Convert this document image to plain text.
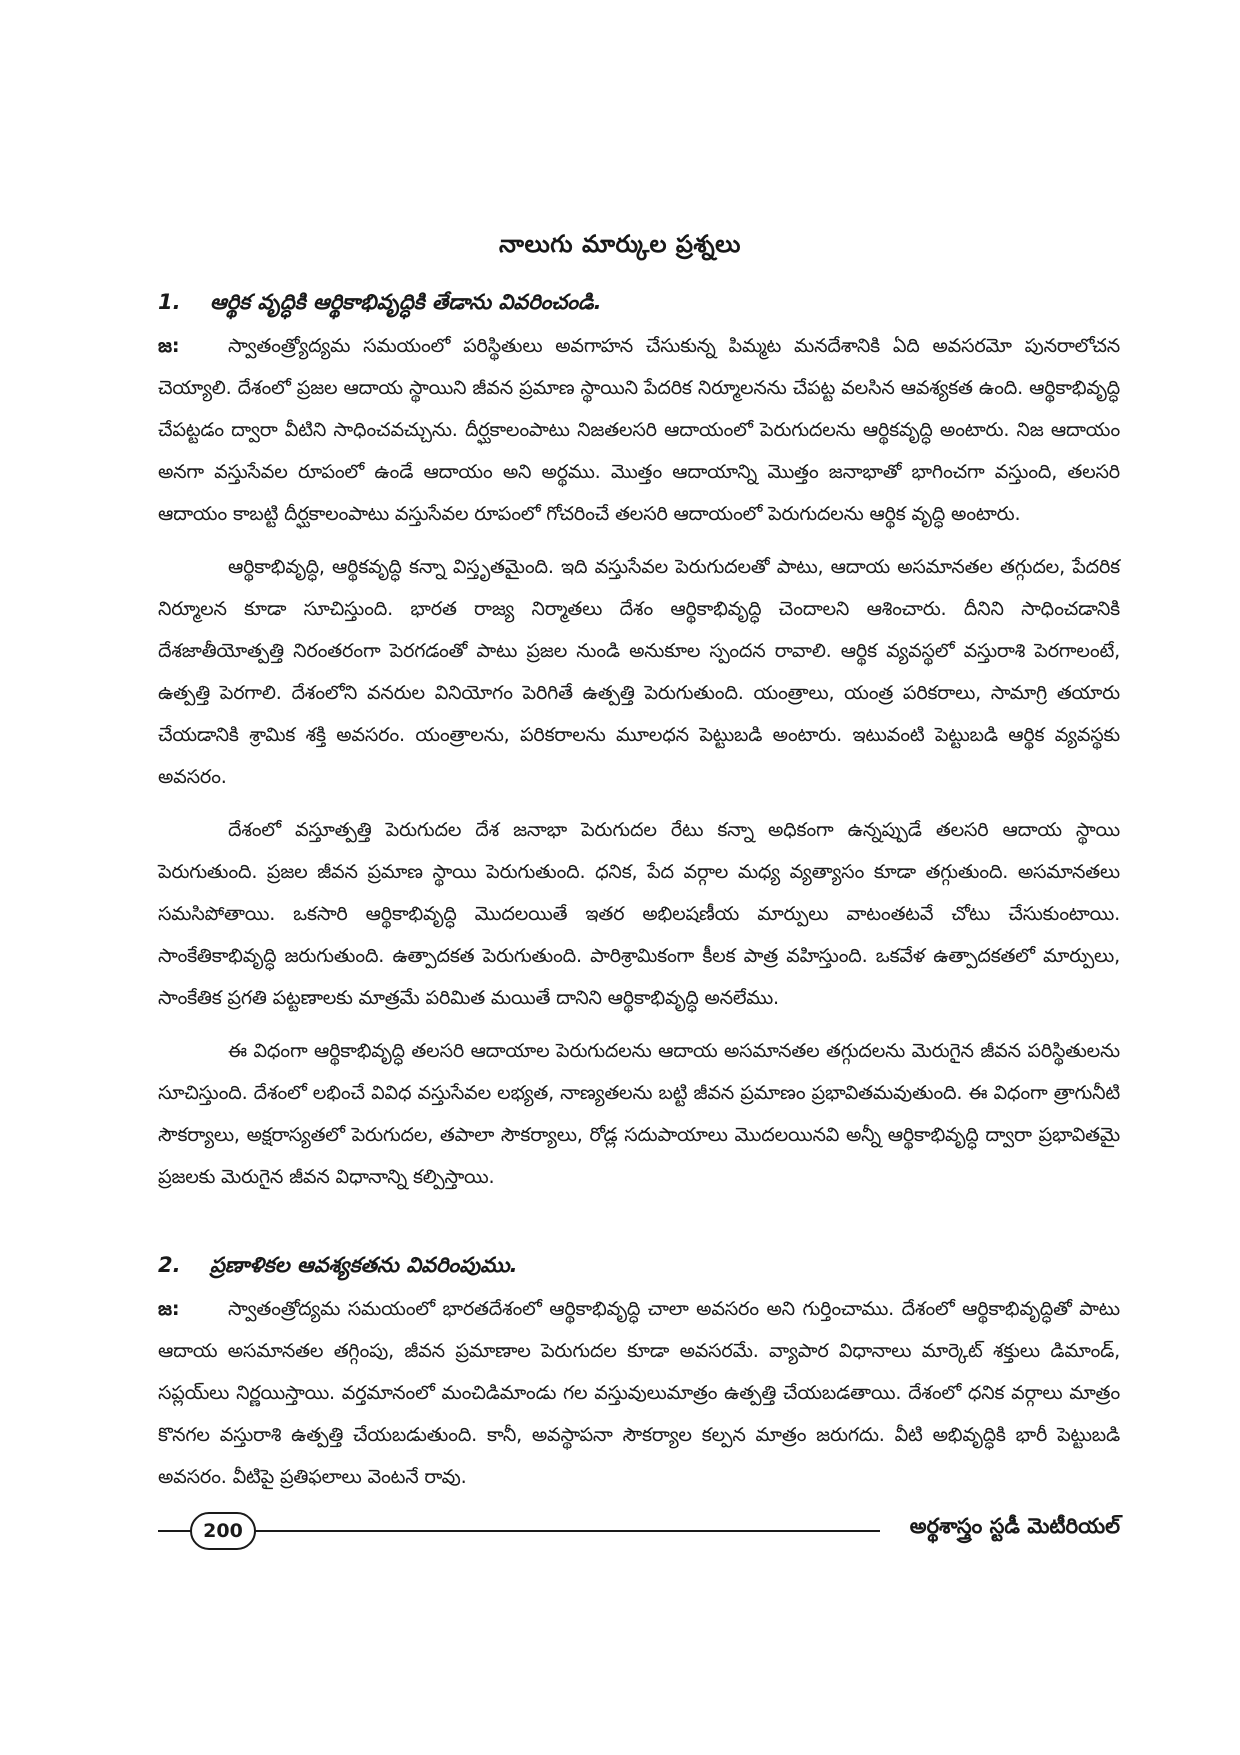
నాలుగు మార్కుల ప్రశ్నలు
1. ఆర్థిక వృద్ధికి ఆర్థికాభివృద్ధికి తేడాను వివరించండి.

జ:	స్వాతంత్ర్యోద్యమ సమయంలో పరిస్థితులు అవగాహన చేసుకున్న పిమ్మట మనదేశానికి ఏది అవసరమో పునరాలోచన చెయ్యాలి. దేశంలో ప్రజల ఆదాయ స్థాయిని జీవన ప్రమాణ స్థాయిని పేదరిక నిర్మూలనను చేపట్ట వలసిన ఆవశ్యకత ఉంది. ఆర్థికాభివృద్ధి చేపట్టడం ద్వారా వీటిని సాధించవచ్చును. దీర్ఘకాలంపాటు నిజతలసరి ఆదాయంలో పెరుగుదలను ఆర్థికవృద్ధి అంటారు. నిజ ఆదాయం అనగా వస్తుసేవల రూపంలో ఉండే ఆదాయం అని అర్థము. మొత్తం ఆదాయాన్ని మొత్తం జనాభాతో భాగించగా వస్తుంది, తలసరి ఆదాయం కాబట్టి దీర్ఘకాలంపాటు వస్తుసేవల రూపంలో గోచరించే తలసరి ఆదాయంలో పెరుగుదలను ఆర్థిక వృద్ధి అంటారు.

ఆర్థికాభివృద్ధి, ఆర్థికవృద్ధి కన్నా విస్తృతమైంది. ఇది వస్తుసేవల పెరుగుదలతో పాటు, ఆదాయ అసమానతల తగ్గుదల, పేదరిక నిర్మూలన కూడా సూచిస్తుంది. భారత రాజ్య నిర్మాతలు దేశం ఆర్థికాభివృద్ధి చెందాలని ఆశించారు. దీనిని సాధించడానికి దేశజాతీయోత్పత్తి నిరంతరంగా పెరగడంతో పాటు ప్రజల నుండి అనుకూల స్పందన రావాలి. ఆర్థిక వ్యవస్థలో వస్తురాశి పెరగాలంటే, ఉత్పత్తి పెరగాలి. దేశంలోని వనరుల వినియోగం పెరిగితే ఉత్పత్తి పెరుగుతుంది. యంత్రాలు, యంత్ర పరికరాలు, సామాగ్రి తయారు చేయడానికి శ్రామిక శక్తి అవసరం. యంత్రాలను, పరికరాలను మూలధన పెట్టుబడి అంటారు. ఇటువంటి పెట్టుబడి ఆర్థిక వ్యవస్థకు అవసరం.

దేశంలో వస్తూత్పత్తి పెరుగుదల దేశ జనాభా పెరుగుదల రేటు కన్నా అధికంగా ఉన్నప్పుడే తలసరి ఆదాయ స్థాయి పెరుగుతుంది. ప్రజల జీవన ప్రమాణ స్థాయి పెరుగుతుంది. ధనిక, పేద వర్గాల మధ్య వ్యత్యాసం కూడా తగ్గుతుంది. అసమానతలు సమసిపోతాయి. ఒకసారి ఆర్థికాభివృద్ధి మొదలయితే ఇతర అభిలషణీయ మార్పులు వాటంతటవే చోటు చేసుకుంటాయి. సాంకేతికాభివృద్ధి జరుగుతుంది. ఉత్పాదకత పెరుగుతుంది. పారిశ్రామికంగా కీలక పాత్ర వహిస్తుంది. ఒకవేళ ఉత్పాదకతలో మార్పులు, సాంకేతిక ప్రగతి పట్టణాలకు మాత్రమే పరిమిత మయితే దానిని ఆర్థికాభివృద్ధి అనలేము.

ఈ విధంగా ఆర్థికాభివృద్ధి తలసరి ఆదాయాల పెరుగుదలను ఆదాయ అసమానతల తగ్గుదలను మెరుగైన జీవన పరిస్థితులను సూచిస్తుంది. దేశంలో లభించే వివిధ వస్తుసేవల లభ్యత, నాణ్యతలను బట్టి జీవన ప్రమాణం ప్రభావితమవుతుంది. ఈ విధంగా త్రాగునీటి సౌకర్యాలు, అక్షరాస్యతలో పెరుగుదల, తపాలా సౌకర్యాలు, రోడ్ల సదుపాయాలు మొదలయినవి అన్నీ ఆర్థికాభివృద్ధి ద్వారా ప్రభావితమై ప్రజలకు మెరుగైన జీవన విధానాన్ని కల్పిస్తాయి.

2. ప్రణాళికల ఆవశ్యకతను వివరింపుము.

జ:	స్వాతంత్రోద్యమ సమయంలో భారతదేశంలో ఆర్థికాభివృద్ధి చాలా అవసరం అని గుర్తించాము. దేశంలో ఆర్థికాభివృద్ధితో పాటు ఆదాయ అసమానతల తగ్గింపు, జీవన ప్రమాణాల పెరుగుదల కూడా అవసరమే. వ్యాపార విధానాలు మార్కెట్ శక్తులు డిమాండ్, సప్లయ్‌లు నిర్ణయిస్తాయి. వర్తమానంలో మంచిడిమాండు గల వస్తువులుమాత్రం ఉత్పత్తి చేయబడతాయి. దేశంలో ధనిక వర్గాలు మాత్రం కొనగల వస్తురాశి ఉత్పత్తి చేయబడుతుంది. కానీ, అవస్థాపనా సౌకర్యాల కల్పన మాత్రం జరుగదు. వీటి అభివృద్ధికి భారీ పెట్టుబడి అవసరం. వీటిపై ప్రతిఫలాలు వెంటనే రావు.

200	అర్థశాస్త్రం స్టడీ మెటీరియల్
